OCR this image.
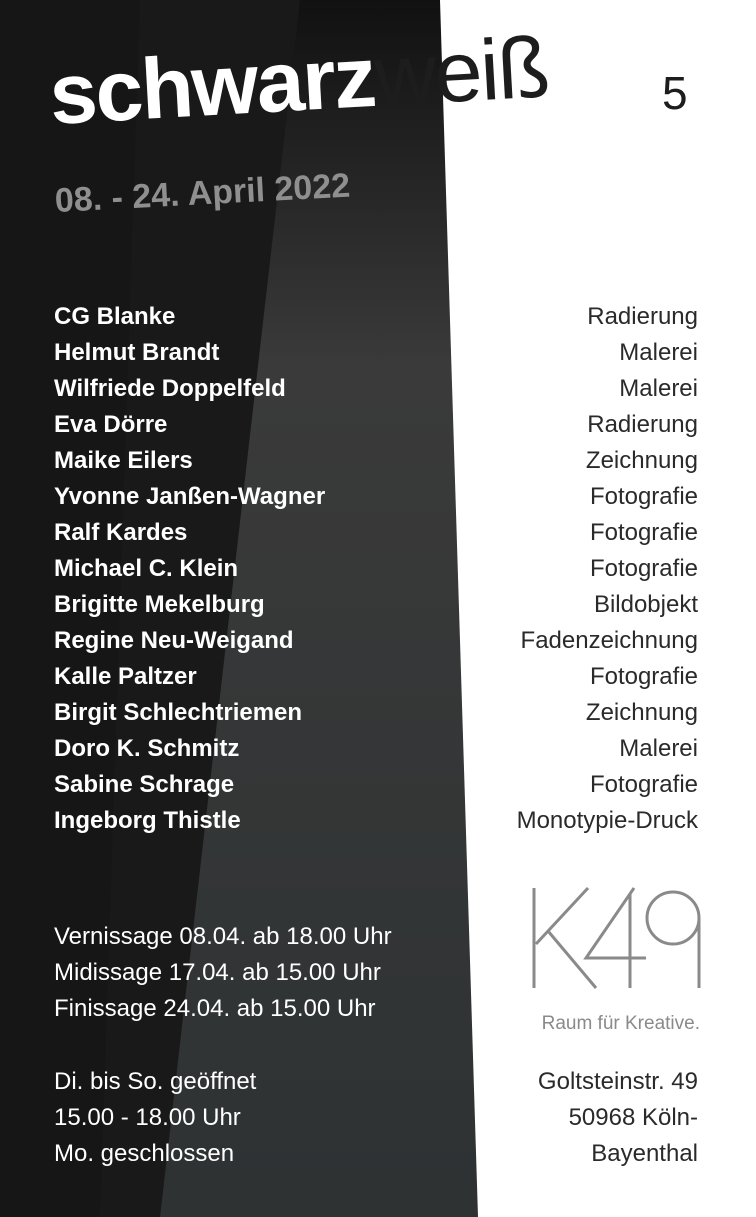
schwarzweiß 5
08. - 24. April 2022
CG Blanke	Radierung
Helmut Brandt	Malerei
Wilfriede Doppelfeld	Malerei
Eva Dörre	Radierung
Maike Eilers	Zeichnung
Yvonne Janßen-Wagner	Fotografie
Ralf Kardes	Fotografie
Michael C. Klein	Fotografie
Brigitte Mekelburg	Bildobjekt
Regine Neu-Weigand	Fadenzeichnung
Kalle Paltzer	Fotografie
Birgit Schlechtriemen	Zeichnung
Doro K. Schmitz	Malerei
Sabine Schrage	Fotografie
Ingeborg Thistle	Monotypie-Druck
Vernissage 08.04. ab 18.00 Uhr
Midissage 17.04. ab 15.00 Uhr
Finissage 24.04. ab 15.00 Uhr
Di. bis So. geöffnet
15.00 - 18.00 Uhr
Mo. geschlossen
Raum für Kreative.
Goltsteinstr. 49
50968 Köln-
Bayenthal
